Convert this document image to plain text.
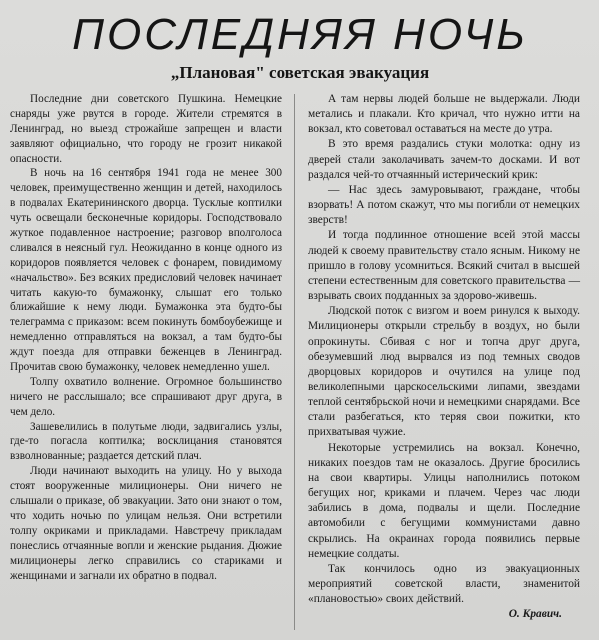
ПОСЛЕДНЯЯ НОЧЬ
„Плановая" советская эвакуация

Последние дни советского Пушкина. Немецкие снаряды уже рвутся в городе. Жители стремятся в Ленинград, но выезд строжайше запрещен и власти заявляют официально, что городу не грозит никакой опасности.

В ночь на 16 сентября 1941 года не менее 300 человек, преимущественно женщин и детей, находилось в подвалах Екатерининского дворца. Тусклые коптилки чуть освещали бесконечные коридоры. Господствовало жуткое подавленное настроение; разговор вполголоса сливался в неясный гул. Неожиданно в конце одного из коридоров появляется человек с фонарем, повидимому «начальство». Без всяких предисловий человек начинает читать какую-то бумажонку, слышат его только ближайшие к нему люди. Бумажонка эта будто-бы телеграмма с приказом: всем покинуть бомбоубежище и немедленно отправляться на вокзал, а там будто-бы ждут поезда для отправки беженцев в Ленинград. Прочитав свою бумажонку, человек немедленно ушел.

Толпу охватило волнение. Огромное большинство ничего не расслышало; все спрашивают друг друга, в чем дело.

Зашевелились в полутьме люди, задвигались узлы, где-то погасла коптилка; восклицания становятся взволнованные; раздается детский плач.

Люди начинают выходить на улицу. Но у выхода стоят вооруженные милиционеры. Они ничего не слышали о приказе, об эвакуации. Зато они знают о том, что ходить ночью по улицам нельзя. Они встретили толпу окриками и прикладами. Навстречу прикладам понеслись отчаянные вопли и женские рыдания. Дюжие милиционеры легко справились со стариками и женщинами и загнали их обратно в подвал.

А там нервы людей больше не выдержали. Люди метались и плакали. Кто кричал, что нужно итти на вокзал, кто советовал оставаться на месте до утра.

В это время раздались стуки молотка: одну из дверей стали заколачивать зачем-то досками. И вот раздался чей-то отчаянный истерический крик:

— Нас здесь замуровывают, граждане, чтобы взорвать! А потом скажут, что мы погибли от немецких зверств!

И тогда подлинное отношение всей этой массы людей к своему правительству стало ясным. Никому не пришло в голову усомниться. Всякий считал в высшей степени естественным для советского правительства — взрывать своих подданных за здорово-живешь.

Людской поток с визгом и воем ринулся к выходу. Милиционеры открыли стрельбу в воздух, но были опрокинуты. Сбивая с ног и топча друг друга, обезумевший люд вырвался из под темных сводов дворцовых коридоров и очутился на улице под великолепными царскосельскими липами, звездами теплой сентябрьской ночи и немецкими снарядами. Все стали разбегаться, кто теряя свои пожитки, кто прихватывая чужие.

Некоторые устремились на вокзал. Конечно, никаких поездов там не оказалось. Другие бросились на свои квартиры. Улицы наполнились потоком бегущих ног, криками и плачем. Через час люди забились в дома, подвалы и щели. Последние автомобили с бегущими коммунистами давно скрылись. На окраинах города появились первые немецкие солдаты.

Так кончилось одно из эвакуационных мероприятий советской власти, знаменитой «плановостью» своих действий.

О. Кравич.
